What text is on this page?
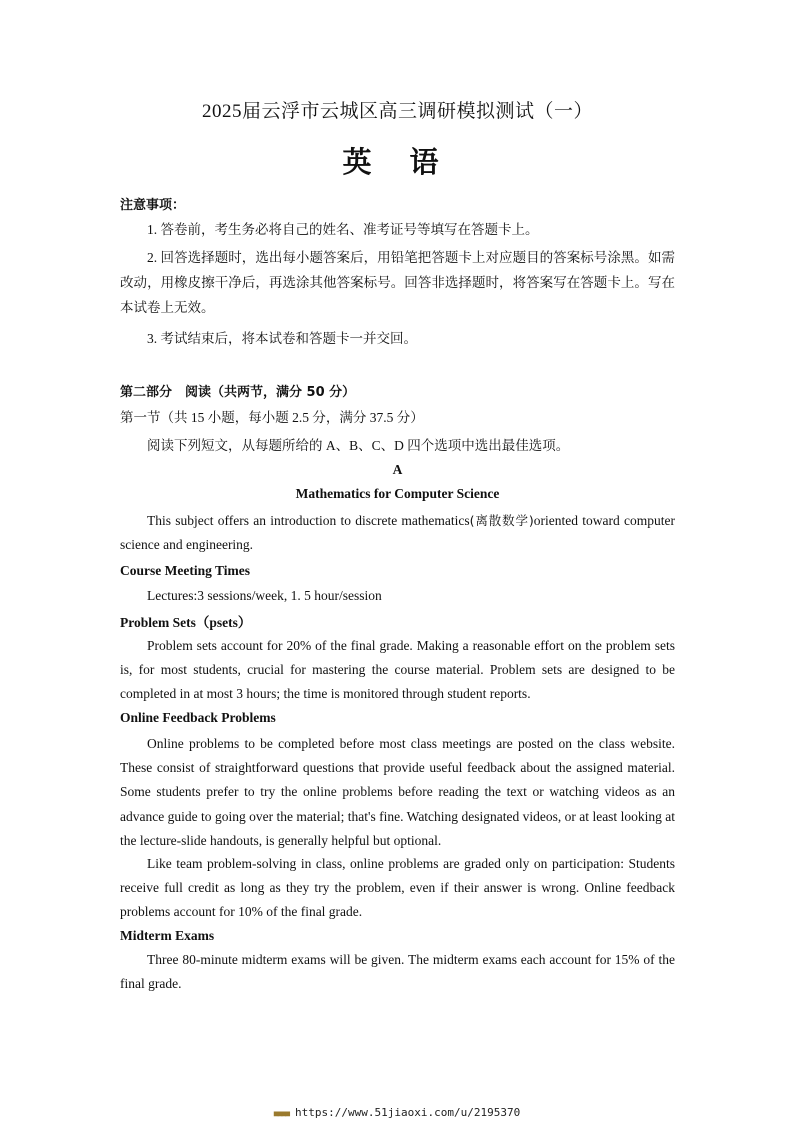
2025届云浮市云城区高三调研模拟测试（一）
英 语
注意事项：
1. 答卷前，考生务必将自己的姓名、准考证号等填写在答题卡上。
2. 回答选择题时，选出每小题答案后，用铅笔把答题卡上对应题目的答案标号涂黑。如需改动，用橡皮擦干净后，再选涂其他答案标号。回答非选择题时，将答案写在答题卡上。写在本试卷上无效。
3. 考试结束后，将本试卷和答题卡一并交回。
第二部分　阅读（共两节，满分 50 分）
第一节（共 15 小题，每小题 2.5 分，满分 37.5 分）
阅读下列短文，从每题所给的 A、B、C、D 四个选项中选出最佳选项。
A
Mathematics for Computer Science
This subject offers an introduction to discrete mathematics(离散数学)oriented toward computer science and engineering.
Course Meeting Times
Lectures:3 sessions/week, 1. 5 hour/session
Problem Sets（psets）
Problem sets account for 20% of the final grade. Making a reasonable effort on the problem sets is, for most students, crucial for mastering the course material. Problem sets are designed to be completed in at most 3 hours; the time is monitored through student reports.
Online Feedback Problems
Online problems to be completed before most class meetings are posted on the class website. These consist of straightforward questions that provide useful feedback about the assigned material. Some students prefer to try the online problems before reading the text or watching videos as an advance guide to going over the material; that's fine. Watching designated videos, or at least looking at the lecture-slide handouts, is generally helpful but optional.
Like team problem-solving in class, online problems are graded only on participation: Students receive full credit as long as they try the problem, even if their answer is wrong. Online feedback problems account for 10% of the final grade.
Midterm Exams
Three 80-minute midterm exams will be given. The midterm exams each account for 15% of the final grade.
■■■■ https://www.51jiaoxi.com/u/2195370
